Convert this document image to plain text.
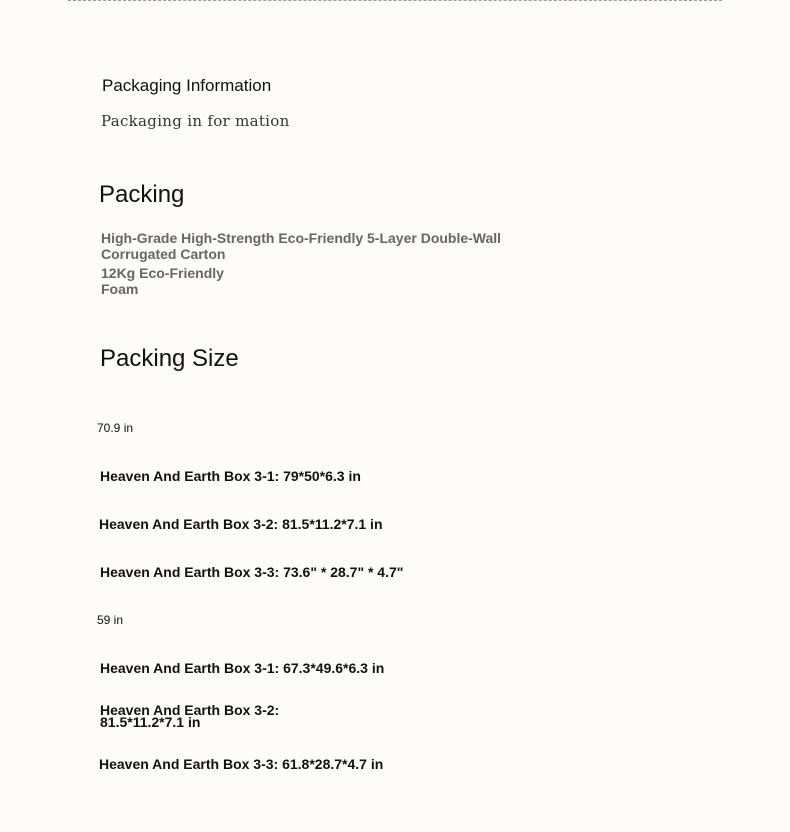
Packaging Information
Packaging in for mation
Packing
High-Grade High-Strength Eco-Friendly 5-Layer Double-Wall Corrugated Carton
12Kg Eco-Friendly Foam
Packing Size
70.9 in
Heaven And Earth Box 3-1: 79*50*6.3 in
Heaven And Earth Box 3-2: 81.5*11.2*7.1 in
Heaven And Earth Box 3-3: 73.6" * 28.7" * 4.7"
59 in
Heaven And Earth Box 3-1: 67.3*49.6*6.3 in
Heaven And Earth Box 3-2: 81.5*11.2*7.1 in
Heaven And Earth Box 3-3: 61.8*28.7*4.7 in
